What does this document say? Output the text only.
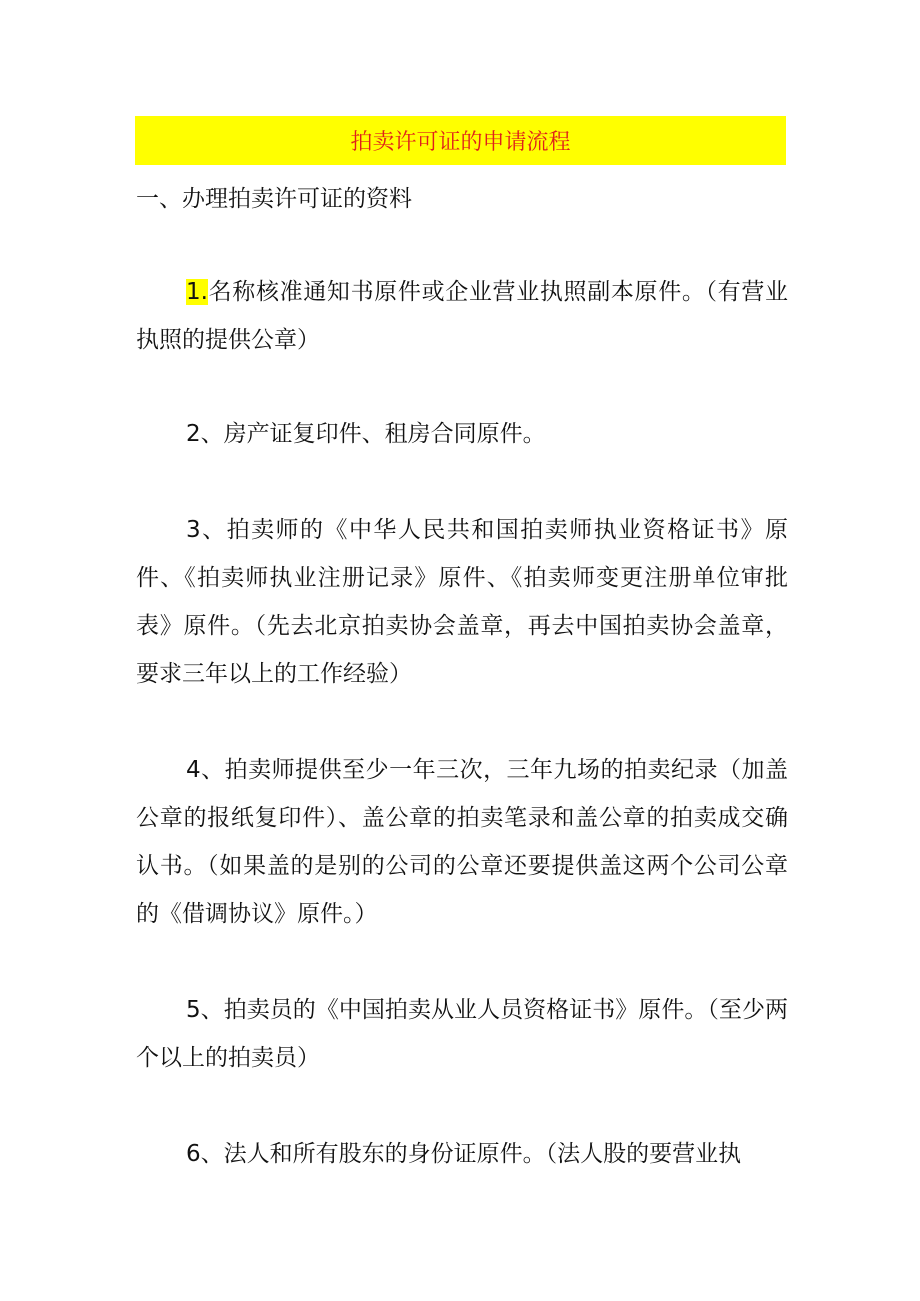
拍卖许可证的申请流程
一、办理拍卖许可证的资料

1.名称核准通知书原件或企业营业执照副本原件。（有营业执照的提供公章）

2、房产证复印件、租房合同原件。

3、拍卖师的《中华人民共和国拍卖师执业资格证书》原件、《拍卖师执业注册记录》原件、《拍卖师变更注册单位审批表》原件。（先去北京拍卖协会盖章，再去中国拍卖协会盖章，要求三年以上的工作经验）

4、拍卖师提供至少一年三次，三年九场的拍卖纪录（加盖公章的报纸复印件）、盖公章的拍卖笔录和盖公章的拍卖成交确认书。（如果盖的是别的公司的公章还要提供盖这两个公司公章的《借调协议》原件。）

5、拍卖员的《中国拍卖从业人员资格证书》原件。（至少两个以上的拍卖员）

6、法人和所有股东的身份证原件。（法人股的要营业执
